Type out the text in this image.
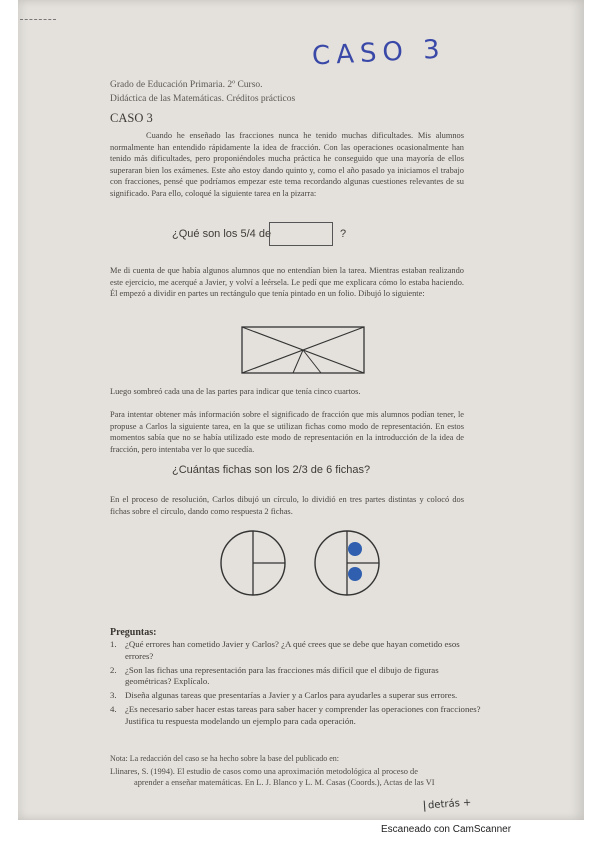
CASO 3
Grado de Educación Primaria. 2º Curso.
Didáctica de las Matemáticas. Créditos prácticos
CASO 3

Cuando he enseñado las fracciones nunca he tenido muchas dificultades. Mis alumnos normalmente han entendido rápidamente la idea de fracción. Con las operaciones ocasionalmente han tenido más dificultades, pero proponiéndoles mucha práctica he conseguido que una mayoría de ellos superaran bien los exámenes. Este año estoy dando quinto y, como el año pasado ya iniciamos el trabajo con fracciones, pensé que podríamos empezar este tema recordando algunas cuestiones relevantes de su significado. Para ello, coloqué la siguiente tarea en la pizarra:

¿Qué son los 5/4 de	?

Me di cuenta de que había algunos alumnos que no entendían bien la tarea. Mientras estaban realizando este ejercicio, me acerqué a Javier, y volví a leérsela. Le pedí que me explicara cómo lo estaba haciendo. Él empezó a dividir en partes un rectángulo que tenía pintado en un folio. Dibujó lo siguiente:

Luego sombreó cada una de las partes para indicar que tenía cinco cuartos.

Para intentar obtener más información sobre el significado de fracción que mis alumnos podían tener, le propuse a Carlos la siguiente tarea, en la que se utilizan fichas como modo de representación. En estos momentos sabía que no se había utilizado este modo de representación en la introducción de la idea de fracción, pero intentaba ver lo que sucedía.

¿Cuántas fichas son los 2/3 de 6 fichas?

En el proceso de resolución, Carlos dibujó un círculo, lo dividió en tres partes distintas y colocó dos fichas sobre el círculo, dando como respuesta 2 fichas.

Preguntas:
1. ¿Qué errores han cometido Javier y Carlos? ¿A qué crees que se debe que hayan cometido esos errores?
2. ¿Son las fichas una representación para las fracciones más difícil que el dibujo de figuras geométricas? Explícalo.
3. Diseña algunas tareas que presentarías a Javier y a Carlos para ayudarles a superar sus errores.
4. ¿Es necesario saber hacer estas tareas para saber hacer y comprender las operaciones con fracciones? Justifica tu respuesta modelando un ejemplo para cada operación.
Nota: La redacción del caso se ha hecho sobre la base del publicado en:

Llinares, S. (1994). El estudio de casos como una aproximación metodológica al proceso de
aprender a enseñar matemáticas. En L. J. Blanco y L. M. Casas (Coords.), Actas de las VI

detrás +
Escaneado con CamScanner
